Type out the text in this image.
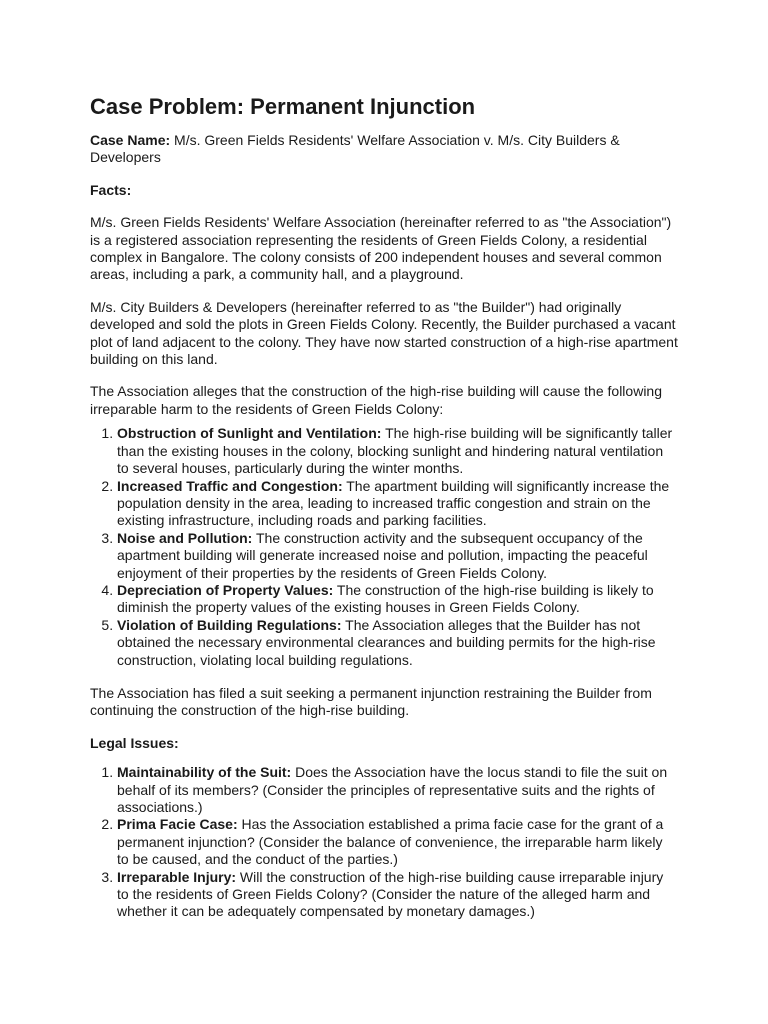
Case Problem: Permanent Injunction

Case Name: M/s. Green Fields Residents' Welfare Association v. M/s. City Builders & Developers

Facts:

M/s. Green Fields Residents' Welfare Association (hereinafter referred to as "the Association") is a registered association representing the residents of Green Fields Colony, a residential complex in Bangalore. The colony consists of 200 independent houses and several common areas, including a park, a community hall, and a playground.

M/s. City Builders & Developers (hereinafter referred to as "the Builder") had originally developed and sold the plots in Green Fields Colony. Recently, the Builder purchased a vacant plot of land adjacent to the colony. They have now started construction of a high-rise apartment building on this land.

The Association alleges that the construction of the high-rise building will cause the following irreparable harm to the residents of Green Fields Colony:

1. Obstruction of Sunlight and Ventilation: The high-rise building will be significantly taller than the existing houses in the colony, blocking sunlight and hindering natural ventilation to several houses, particularly during the winter months.
2. Increased Traffic and Congestion: The apartment building will significantly increase the population density in the area, leading to increased traffic congestion and strain on the existing infrastructure, including roads and parking facilities.
3. Noise and Pollution: The construction activity and the subsequent occupancy of the apartment building will generate increased noise and pollution, impacting the peaceful enjoyment of their properties by the residents of Green Fields Colony.
4. Depreciation of Property Values: The construction of the high-rise building is likely to diminish the property values of the existing houses in Green Fields Colony.
5. Violation of Building Regulations: The Association alleges that the Builder has not obtained the necessary environmental clearances and building permits for the high-rise construction, violating local building regulations.

The Association has filed a suit seeking a permanent injunction restraining the Builder from continuing the construction of the high-rise building.

Legal Issues:

1. Maintainability of the Suit: Does the Association have the locus standi to file the suit on behalf of its members? (Consider the principles of representative suits and the rights of associations.)
2. Prima Facie Case: Has the Association established a prima facie case for the grant of a permanent injunction? (Consider the balance of convenience, the irreparable harm likely to be caused, and the conduct of the parties.)
3. Irreparable Injury: Will the construction of the high-rise building cause irreparable injury to the residents of Green Fields Colony? (Consider the nature of the alleged harm and whether it can be adequately compensated by monetary damages.)
